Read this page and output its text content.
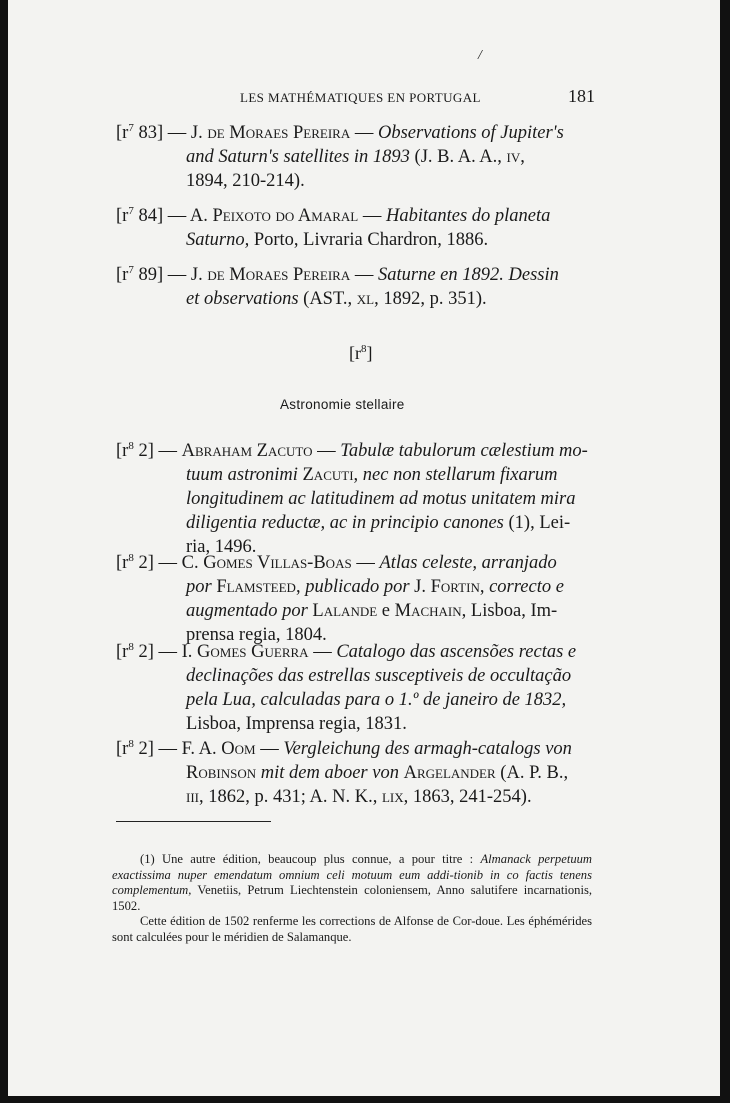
/
LES MATHÉMATIQUES EN PORTUGAL	181
[$r^7$ 83] — J. de Moraes Pereira — Observations of Jupiter's
and Saturn's satellites in 1893 (J. B. A. A., iv,
1894, 210-214).
[$r^7$ 84] — A. Peixoto do Amaral — Habitantes do planeta
Saturno, Porto, Livraria Chardron, 1886.
[$r^7$ 89] — J. de Moraes Pereira — Saturne en 1892. Dessin
et observations (AST., xl, 1892, p. 351).
$[r^8]$
Astronomie stellaire
[$r^8$ 2] — Abraham Zacuto — Tabulæ tabulorum cælestium mo-
tuum astronimi Zacuti, nec non stellarum fixarum
longitudinem ac latitudinem ad motus unitatem mira
diligentia reductæ, ac in principio canones (1), Lei-
ria, 1496.
[$r^8$ 2] — C. Gomes Villas-Boas — Atlas celeste, arranjado
por Flamsteed, publicado por J. Fortin, correcto e
augmentado por Lalande e Machain, Lisboa, Im-
prensa regia, 1804.
[$r^8$ 2] — I. Gomes Guerra — Catalogo das ascensões rectas e
declinações das estrellas susceptiveis de occultação
pela Lua, calculadas para o 1.º de janeiro de 1832,
Lisboa, Imprensa regia, 1831.
[$r^8$ 2] — F. A. Oom — Vergleichung des armagh-catalogs von
Robinson mit dem aboer von Argelander (A. P. B.,
iii, 1862, p. 431; A. N. K., lix, 1863, 241-254).

(1) Une autre édition, beaucoup plus connue, a pour titre : Almanack perpetuum exactissima nuper emendatum omnium celi motuum eum addi-tionib in co factis tenens complementum, Venetiis, Petrum Liechtenstein coloniensem, Anno salutifere incarnationis, 1502.

Cette édition de 1502 renferme les corrections de Alfonse de Cor-doue. Les éphémérides sont calculées pour le méridien de Salamanque.
